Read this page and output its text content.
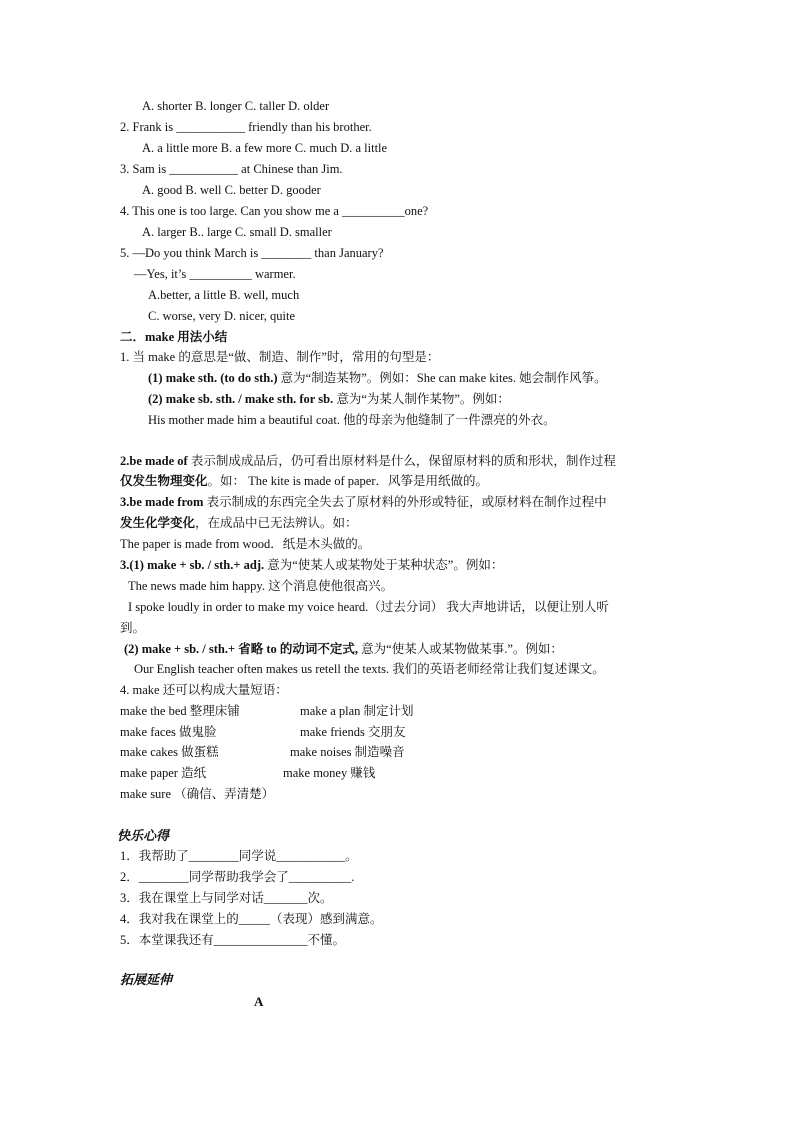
A. shorter B. longer C. taller D. older
2. Frank is ___________ friendly than his brother.
A. a little more B. a few more C. much D. a little
3. Sam is ___________ at Chinese than Jim.
A. good B. well C. better D. gooder
4. This one is too large. Can you show me a __________one?
A. larger B.. large C. small D. smaller
5. —Do you think March is ________ than January?
—Yes, it’s __________ warmer.
A.better, a little B. well, much
C. worse, very D. nicer, quite
二．make 用法小结
1. 当 make 的意思是“做、制造、制作”时，常用的句型是：
(1) make sth. (to do sth.) 意为“制造某物”。例如：She can make kites. 她会制作风筝。
(2) make sb. sth. / make sth. for sb. 意为“为某人制作某物”。例如：
His mother made him a beautiful coat. 他的母亲为他缝制了一件漂亮的外衣。
2.be made of 表示制成成品后，仍可看出原材料是什么，保留原材料的质和形状，制作过程
仅发生物理变化。如： The kite is made of paper．风筝是用纸做的。
3.be made from 表示制成的东西完全失去了原材料的外形或特征，或原材料在制作过程中
发生化学变化，在成品中已无法辨认。如：
The paper is made from wood．纸是木头做的。
3.(1) make + sb. / sth.+ adj. 意为“使某人或某物处于某种状态”。例如：
The news made him happy. 这个消息使他很高兴。
I spoke loudly in order to make my voice heard.（过去分词） 我大声地讲话，以便让别人听
到。
(2) make + sb. / sth.+ 省略 to 的动词不定式, 意为“使某人或某物做某事.”。例如：
Our English teacher often makes us retell the texts. 我们的英语老师经常让我们复述课文。
4. make 还可以构成大量短语：
make the bed 整理床铺	make a plan 制定计划
make faces 做鬼脸	make friends 交朋友
make cakes 做蛋糕	make noises 制造噪音
make paper 造纸	make money 赚钱
make sure （确信、弄清楚）
快乐心得
1．我帮助了________同学说___________。
2．________同学帮助我学会了__________.
3．我在课堂上与同学对话_______次。
4．我对我在课堂上的_____（表现）感到满意。
5．本堂课我还有_______________不懂。
拓展延伸
A
